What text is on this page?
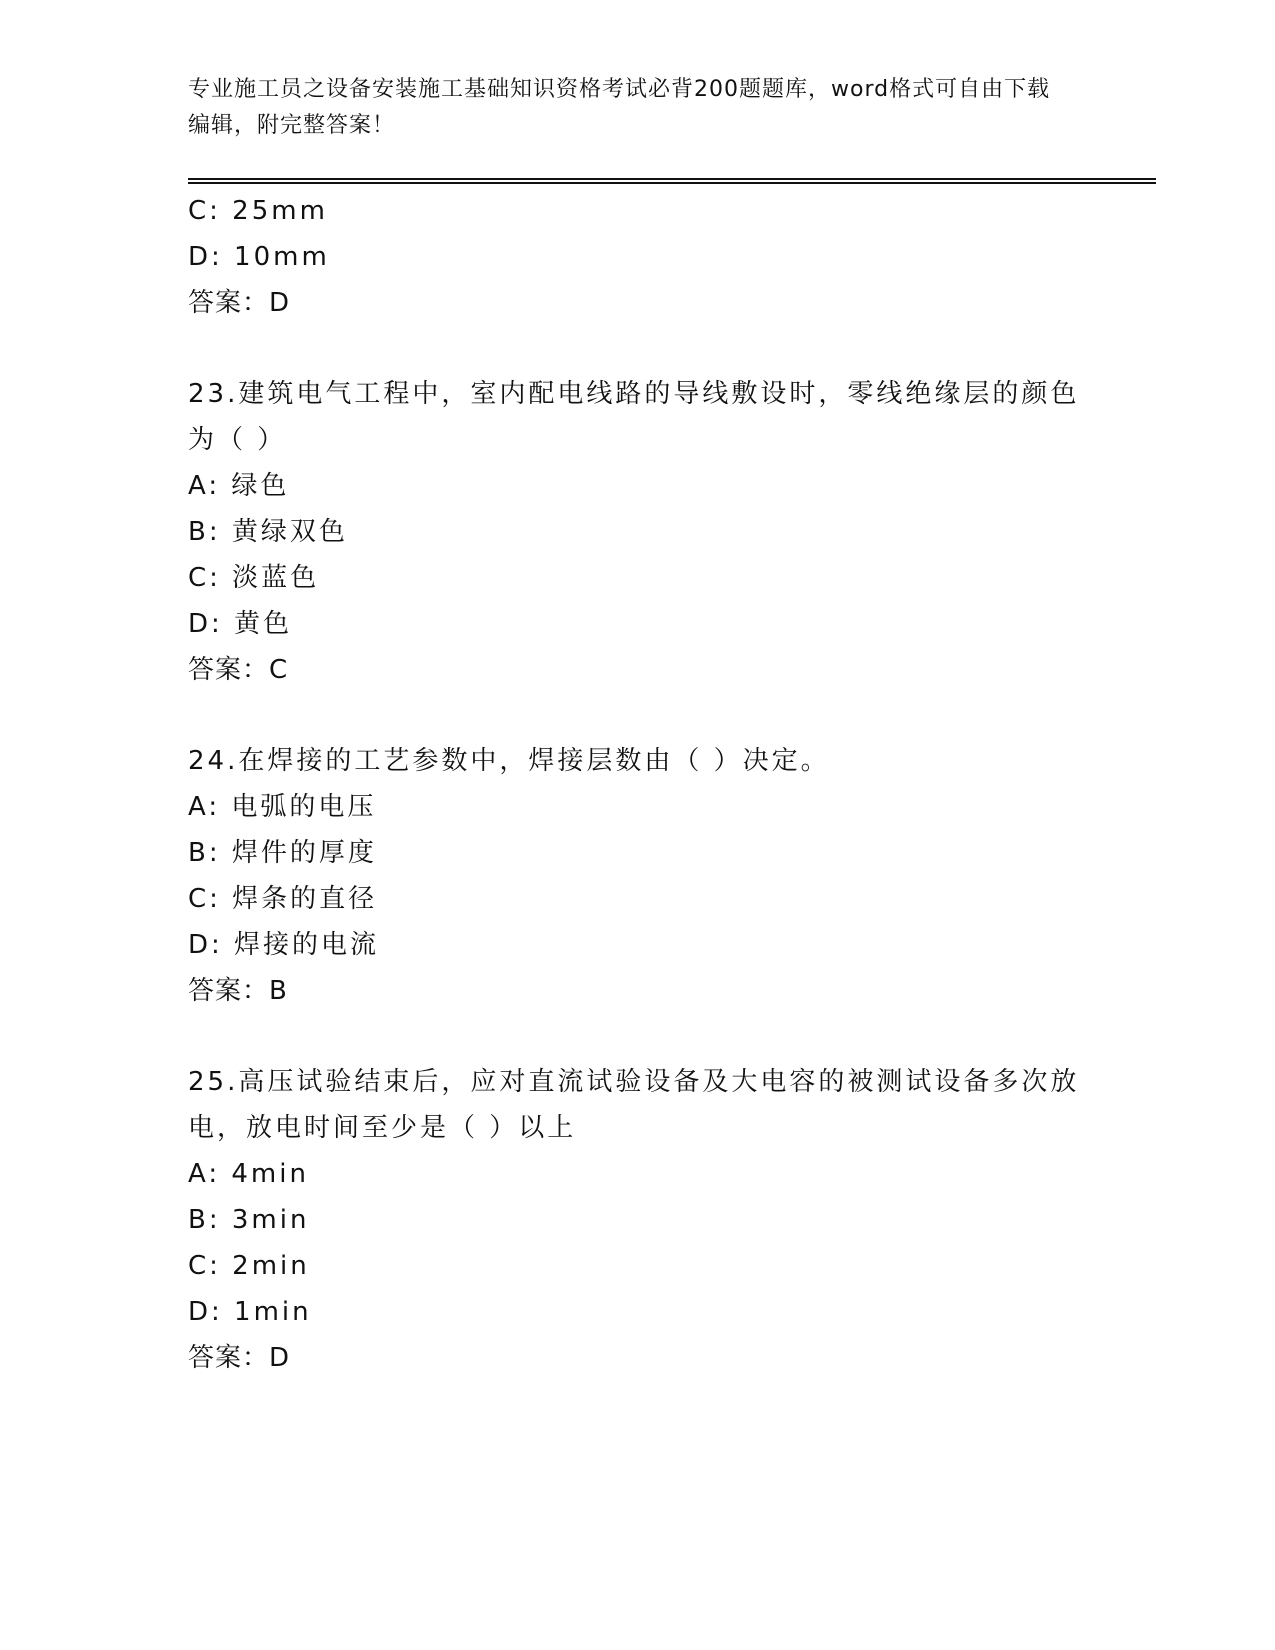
专业施工员之设备安装施工基础知识资格考试必背200题题库，word格式可自由下载编辑，附完整答案！
C: 25mm
D: 10mm
答案：D
23.建筑电气工程中，室内配电线路的导线敷设时，零线绝缘层的颜色为（ ）
A: 绿色
B: 黄绿双色
C: 淡蓝色
D: 黄色
答案：C
24.在焊接的工艺参数中，焊接层数由（ ）决定。
A: 电弧的电压
B: 焊件的厚度
C: 焊条的直径
D: 焊接的电流
答案：B
25.高压试验结束后，应对直流试验设备及大电容的被测试设备多次放电，放电时间至少是（ ）以上
A: 4min
B: 3min
C: 2min
D: 1min
答案：D
